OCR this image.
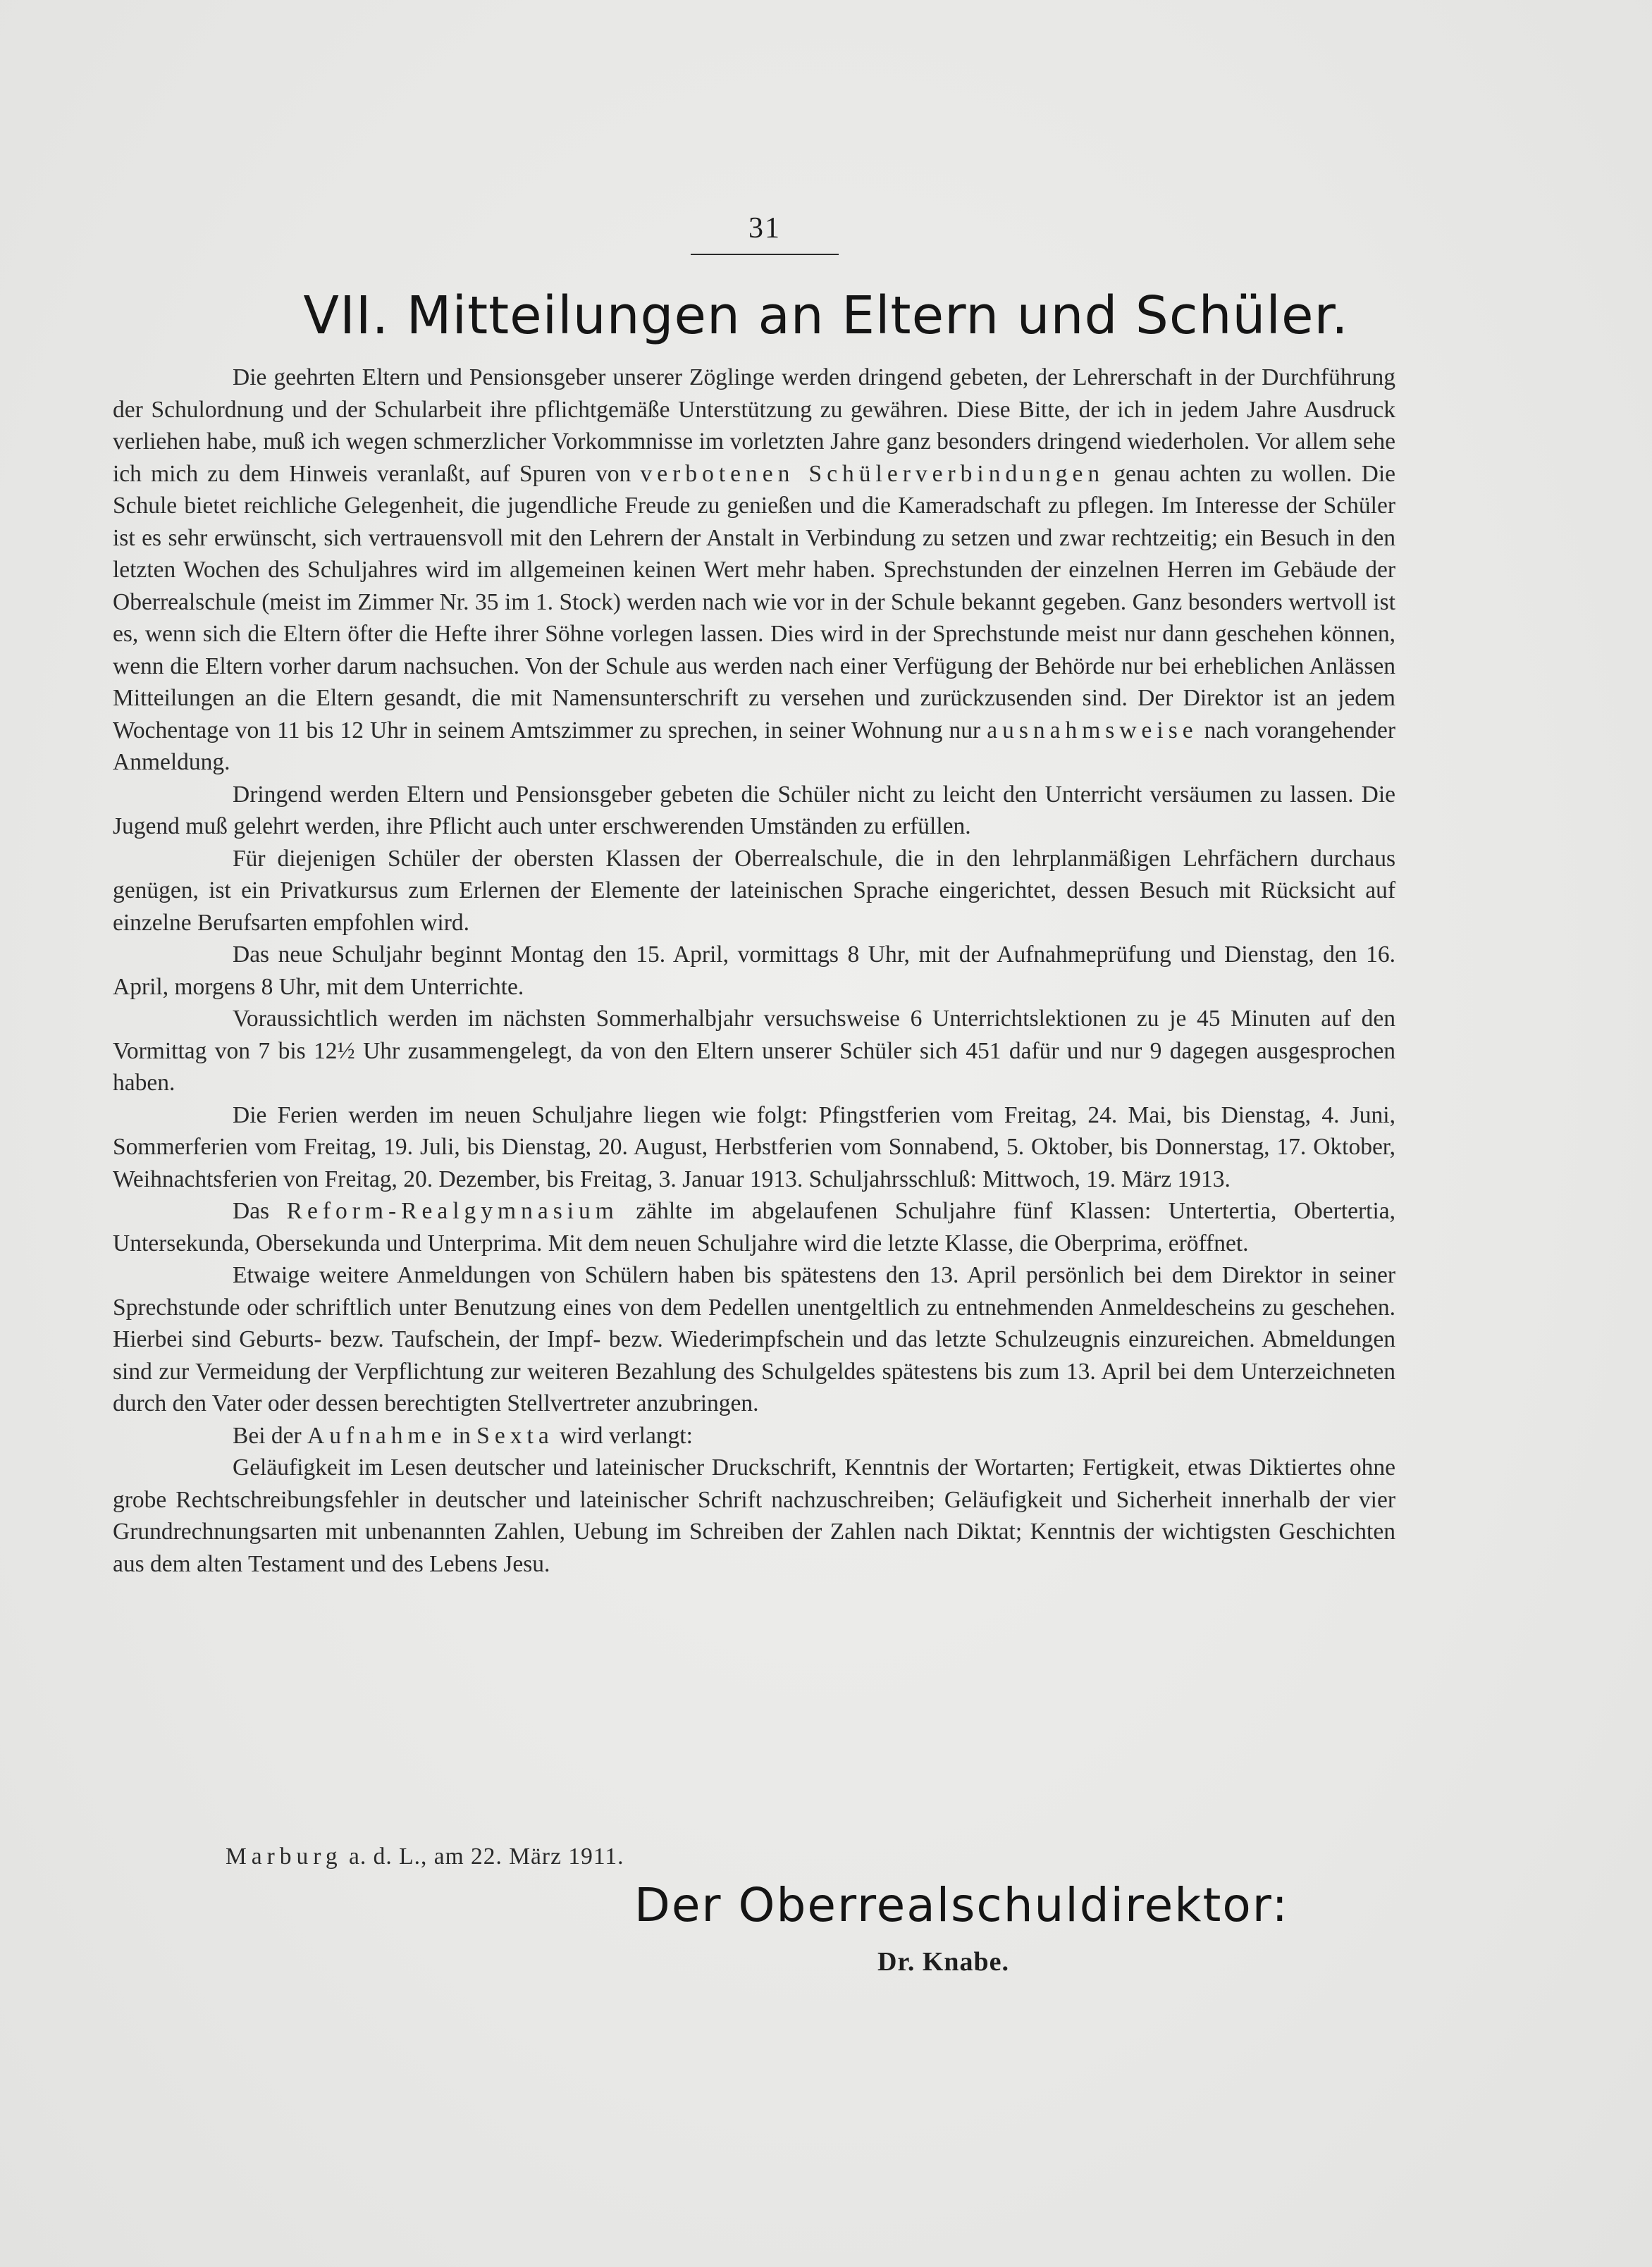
31
VII. Mitteilungen an Eltern und Schüler.

Die geehrten Eltern und Pensionsgeber unserer Zöglinge werden dringend gebeten, der Lehrerschaft in der Durchführung der Schulordnung und der Schularbeit ihre pflichtgemäße Unterstützung zu gewähren. Diese Bitte, der ich in jedem Jahre Ausdruck verliehen habe, muß ich wegen schmerzlicher Vorkommnisse im vorletzten Jahre ganz besonders dringend wiederholen. Vor allem sehe ich mich zu dem Hinweis veranlaßt, auf Spuren von verbotenen Schülerverbindungen genau achten zu wollen. Die Schule bietet reichliche Gelegenheit, die jugendliche Freude zu genießen und die Kameradschaft zu pflegen. Im Interesse der Schüler ist es sehr erwünscht, sich vertrauensvoll mit den Lehrern der Anstalt in Verbindung zu setzen und zwar rechtzeitig; ein Besuch in den letzten Wochen des Schuljahres wird im allgemeinen keinen Wert mehr haben. Sprechstunden der einzelnen Herren im Gebäude der Oberrealschule (meist im Zimmer Nr. 35 im 1. Stock) werden nach wie vor in der Schule bekannt gegeben. Ganz besonders wertvoll ist es, wenn sich die Eltern öfter die Hefte ihrer Söhne vorlegen lassen. Dies wird in der Sprechstunde meist nur dann geschehen können, wenn die Eltern vorher darum nachsuchen. Von der Schule aus werden nach einer Verfügung der Behörde nur bei erheblichen Anlässen Mitteilungen an die Eltern gesandt, die mit Namensunterschrift zu versehen und zurückzusenden sind. Der Direktor ist an jedem Wochentage von 11 bis 12 Uhr in seinem Amtszimmer zu sprechen, in seiner Wohnung nur ausnahmsweise nach vorangehender Anmeldung.

Dringend werden Eltern und Pensionsgeber gebeten die Schüler nicht zu leicht den Unterricht versäumen zu lassen. Die Jugend muß gelehrt werden, ihre Pflicht auch unter erschwerenden Umständen zu erfüllen.

Für diejenigen Schüler der obersten Klassen der Oberrealschule, die in den lehrplanmäßigen Lehrfächern durchaus genügen, ist ein Privatkursus zum Erlernen der Elemente der lateinischen Sprache eingerichtet, dessen Besuch mit Rücksicht auf einzelne Berufsarten empfohlen wird.

Das neue Schuljahr beginnt Montag den 15. April, vormittags 8 Uhr, mit der Aufnahmeprüfung und Dienstag, den 16. April, morgens 8 Uhr, mit dem Unterrichte.

Voraussichtlich werden im nächsten Sommerhalbjahr versuchsweise 6 Unterrichtslektionen zu je 45 Minuten auf den Vormittag von 7 bis 12½ Uhr zusammengelegt, da von den Eltern unserer Schüler sich 451 dafür und nur 9 dagegen ausgesprochen haben.

Die Ferien werden im neuen Schuljahre liegen wie folgt: Pfingstferien vom Freitag, 24. Mai, bis Dienstag, 4. Juni, Sommerferien vom Freitag, 19. Juli, bis Dienstag, 20. August, Herbstferien vom Sonnabend, 5. Oktober, bis Donnerstag, 17. Oktober, Weihnachtsferien von Freitag, 20. Dezember, bis Freitag, 3. Januar 1913. Schuljahrsschluß: Mittwoch, 19. März 1913.

Das Reform-Realgymnasium zählte im abgelaufenen Schuljahre fünf Klassen: Untertertia, Obertertia, Untersekunda, Obersekunda und Unterprima. Mit dem neuen Schuljahre wird die letzte Klasse, die Oberprima, eröffnet.

Etwaige weitere Anmeldungen von Schülern haben bis spätestens den 13. April persönlich bei dem Direktor in seiner Sprechstunde oder schriftlich unter Benutzung eines von dem Pedellen unentgeltlich zu entnehmenden Anmeldescheins zu geschehen. Hierbei sind Geburts- bezw. Taufschein, der Impf- bezw. Wiederimpfschein und das letzte Schulzeugnis einzureichen. Abmeldungen sind zur Vermeidung der Verpflichtung zur weiteren Bezahlung des Schulgeldes spätestens bis zum 13. April bei dem Unterzeichneten durch den Vater oder dessen berechtigten Stellvertreter anzubringen.

Bei der Aufnahme in Sexta wird verlangt:

Geläufigkeit im Lesen deutscher und lateinischer Druckschrift, Kenntnis der Wortarten; Fertigkeit, etwas Diktiertes ohne grobe Rechtschreibungsfehler in deutscher und lateinischer Schrift nachzuschreiben; Geläufigkeit und Sicherheit innerhalb der vier Grundrechnungsarten mit unbenannten Zahlen, Uebung im Schreiben der Zahlen nach Diktat; Kenntnis der wichtigsten Geschichten aus dem alten Testament und des Lebens Jesu.

Marburg a. d. L., am 22. März 1911.
Der Oberrealschuldirektor:
Dr. Knabe.
